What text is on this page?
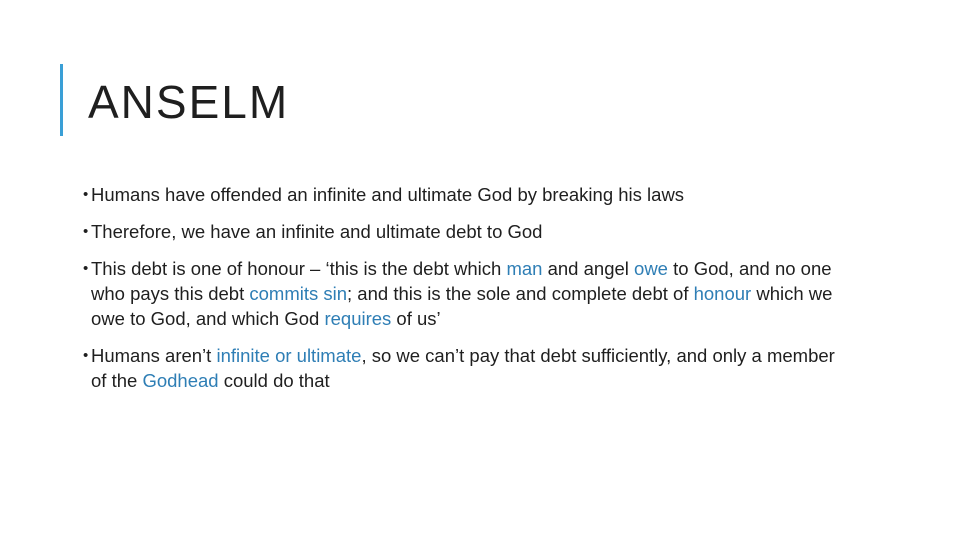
ANSELM
• Humans have offended an infinite and ultimate God by breaking his laws
• Therefore, we have an infinite and ultimate debt to God
• This debt is one of honour – ‘this is the debt which man and angel owe to God, and no one who pays this debt commits sin; and this is the sole and complete debt of honour which we owe to God, and which God requires of us’
• Humans aren’t infinite or ultimate, so we can’t pay that debt sufficiently, and only a member of the Godhead could do that
